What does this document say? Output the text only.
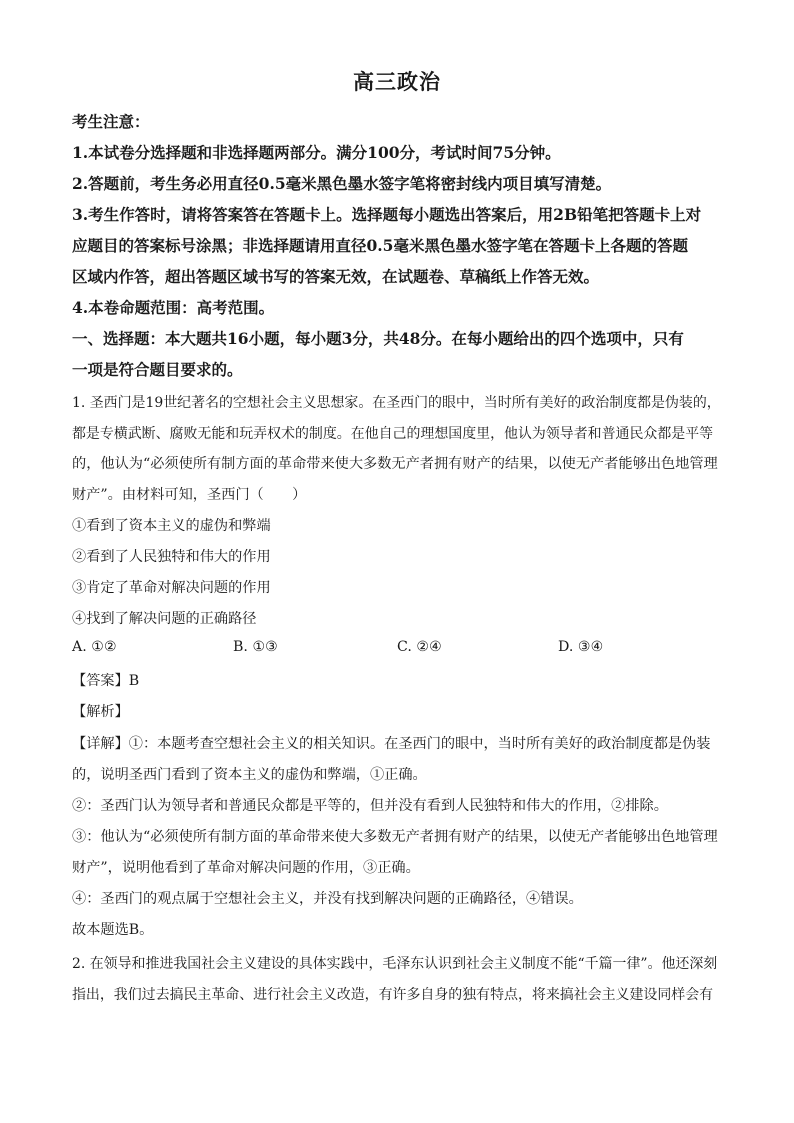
高三政治
考生注意：
1.本试卷分选择题和非选择题两部分。满分100分，考试时间75分钟。
2.答题前，考生务必用直径0.5毫米黑色墨水签字笔将密封线内项目填写清楚。
3.考生作答时，请将答案答在答题卡上。选择题每小题选出答案后，用2B铅笔把答题卡上对
应题目的答案标号涂黑；非选择题请用直径0.5毫米黑色墨水签字笔在答题卡上各题的答题
区域内作答，超出答题区域书写的答案无效，在试题卷、草稿纸上作答无效。
4.本卷命题范围：高考范围。
一、选择题：本大题共16小题，每小题3分，共48分。在每小题给出的四个选项中，只有
一项是符合题目要求的。
1. 圣西门是19世纪著名的空想社会主义思想家。在圣西门的眼中，当时所有美好的政治制度都是伪装的，
都是专横武断、腐败无能和玩弄权术的制度。在他自己的理想国度里，他认为领导者和普通民众都是平等
的，他认为“必须使所有制方面的革命带来使大多数无产者拥有财产的结果，以使无产者能够出色地管理
财产”。由材料可知，圣西门（　　）
①看到了资本主义的虚伪和弊端
②看到了人民独特和伟大的作用
③肯定了革命对解决问题的作用
④找到了解决问题的正确路径
A. ①②	B. ①③	C. ②④	D. ③④
【答案】B
【解析】
【详解】①：本题考查空想社会主义的相关知识。在圣西门的眼中，当时所有美好的政治制度都是伪装
的，说明圣西门看到了资本主义的虚伪和弊端，①正确。
②：圣西门认为领导者和普通民众都是平等的，但并没有看到人民独特和伟大的作用，②排除。
③：他认为“必须使所有制方面的革命带来使大多数无产者拥有财产的结果，以使无产者能够出色地管理
财产”，说明他看到了革命对解决问题的作用，③正确。
④：圣西门的观点属于空想社会主义，并没有找到解决问题的正确路径，④错误。
故本题选B。
2. 在领导和推进我国社会主义建设的具体实践中，毛泽东认识到社会主义制度不能“千篇一律”。他还深刻
指出，我们过去搞民主革命、进行社会主义改造，有许多自身的独有特点，将来搞社会主义建设同样会有
